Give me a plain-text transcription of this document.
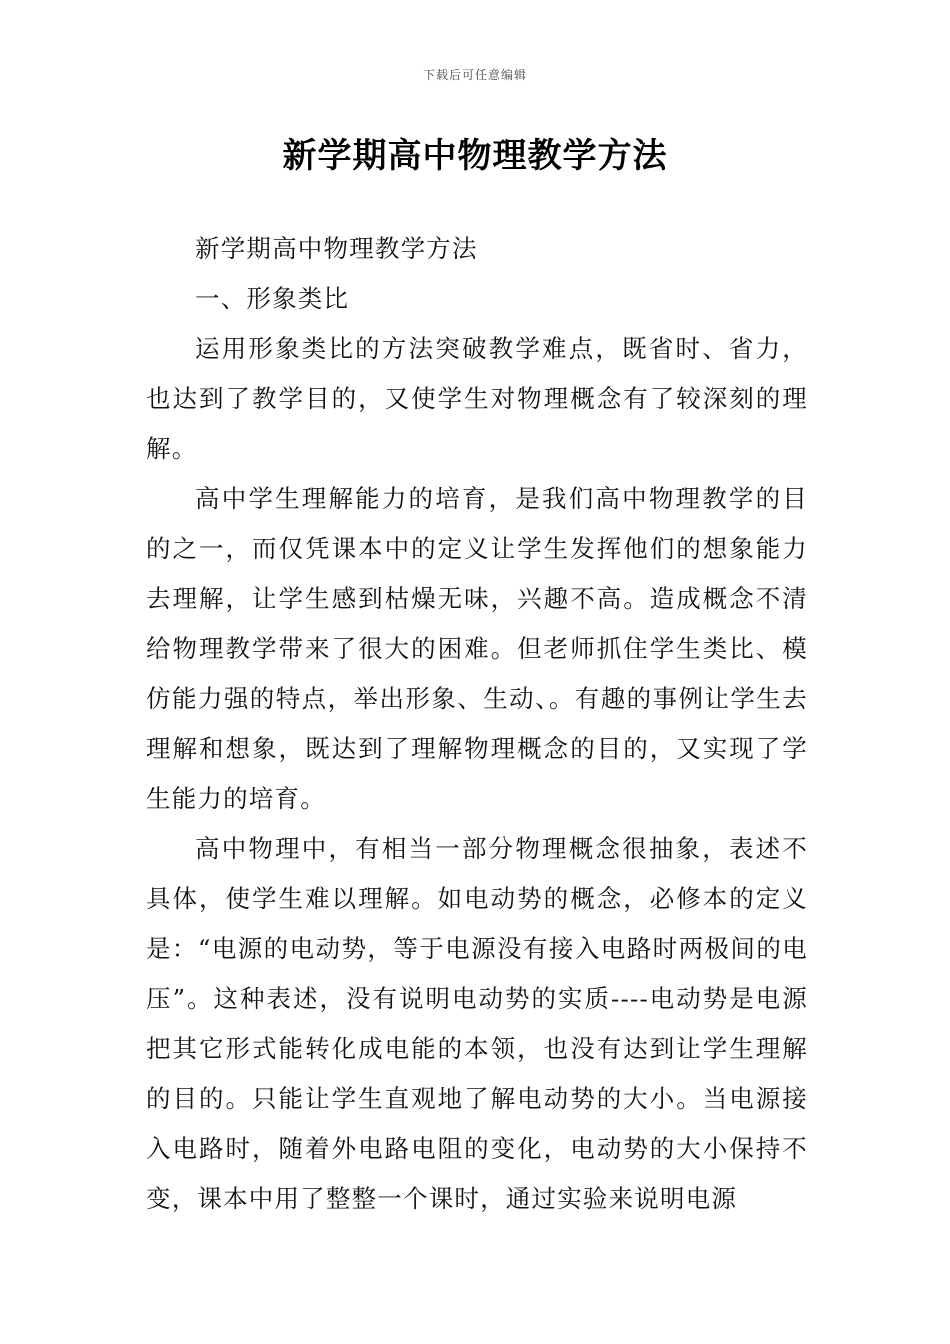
下载后可任意编辑
新学期高中物理教学方法

新学期高中物理教学方法

一、形象类比

运用形象类比的方法突破教学难点，既省时、省力，也达到了教学目的，又使学生对物理概念有了较深刻的理解。

高中学生理解能力的培育，是我们高中物理教学的目的之一，而仅凭课本中的定义让学生发挥他们的想象能力去理解，让学生感到枯燥无味，兴趣不高。造成概念不清给物理教学带来了很大的困难。但老师抓住学生类比、模仿能力强的特点，举出形象、生动、。有趣的事例让学生去理解和想象，既达到了理解物理概念的目的，又实现了学生能力的培育。

高中物理中，有相当一部分物理概念很抽象，表述不具体，使学生难以理解。如电动势的概念，必修本的定义是：“电源的电动势，等于电源没有接入电路时两极间的电压”。这种表述，没有说明电动势的实质----电动势是电源把其它形式能转化成电能的本领，也没有达到让学生理解的目的。只能让学生直观地了解电动势的大小。当电源接入电路时，随着外电路电阻的变化，电动势的大小保持不变，课本中用了整整一个课时，通过实验来说明电源
